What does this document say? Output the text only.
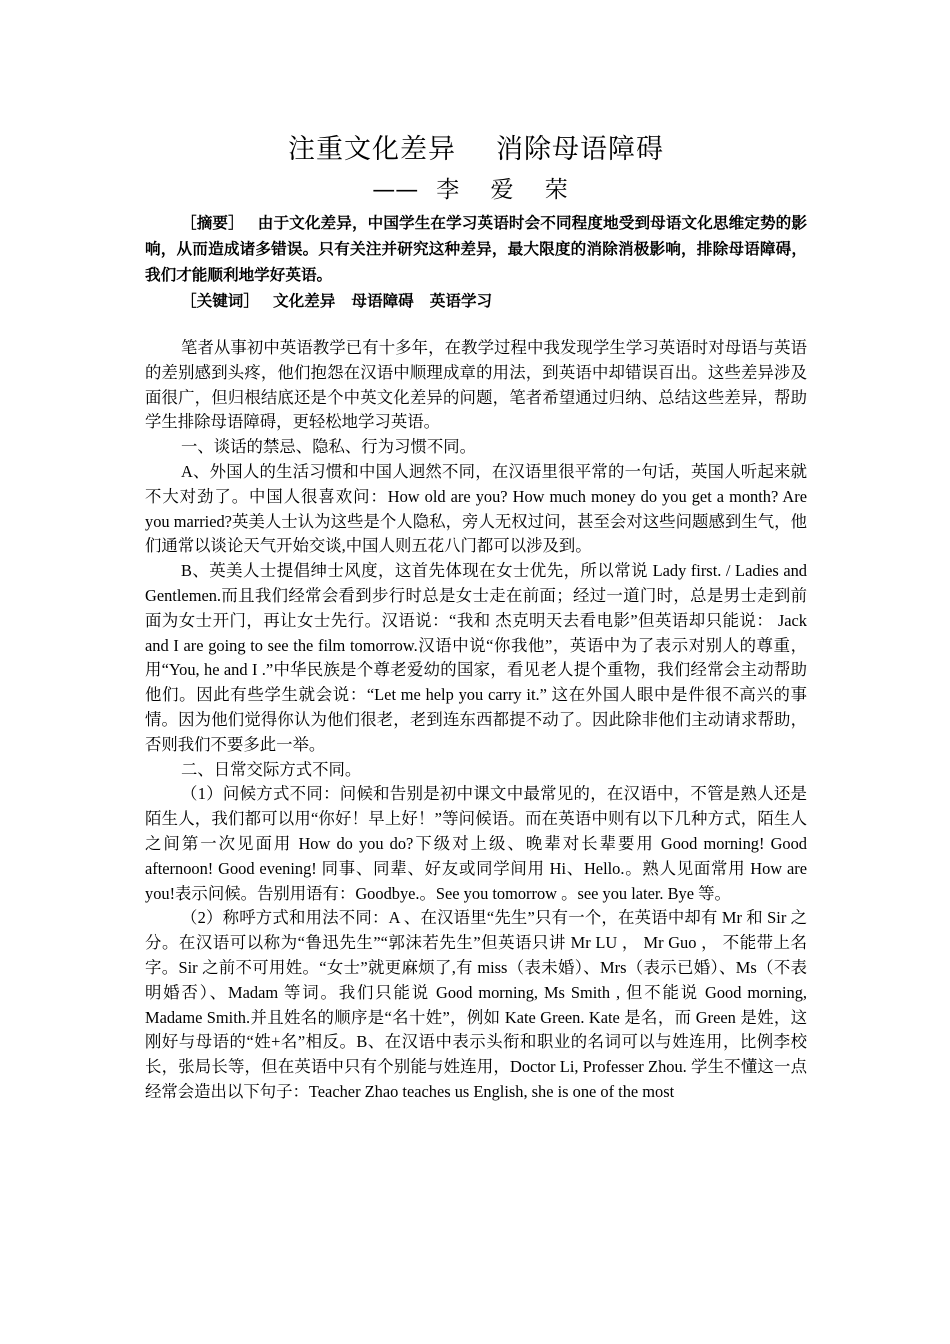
注重文化差异 消除母语障碍
—— 李 爱 荣

［摘要］ 由于文化差异，中国学生在学习英语时会不同程度地受到母语文化思维定势的影响，从而造成诸多错误。只有关注并研究这种差异，最大限度的消除消极影响，排除母语障碍，我们才能顺利地学好英语。

［关键词］ 文化差异 母语障碍 英语学习

笔者从事初中英语教学已有十多年，在教学过程中我发现学生学习英语时对母语与英语的差别感到头疼，他们抱怨在汉语中顺理成章的用法，到英语中却错误百出。这些差异涉及面很广，但归根结底还是个中英文化差异的问题，笔者希望通过归纳、总结这些差异，帮助学生排除母语障碍，更轻松地学习英语。

一、谈话的禁忌、隐私、行为习惯不同。

A、外国人的生活习惯和中国人迥然不同，在汉语里很平常的一句话，英国人听起来就不大对劲了。中国人很喜欢问：How old are you? How much money do you get a month? Are you married?英美人士认为这些是个人隐私，旁人无权过问，甚至会对这些问题感到生气，他们通常以谈论天气开始交谈,中国人则五花八门都可以涉及到。

B、英美人士提倡绅士风度，这首先体现在女士优先，所以常说 Lady first. / Ladies and Gentlemen.而且我们经常会看到步行时总是女士走在前面；经过一道门时，总是男士走到前面为女士开门，再让女士先行。汉语说：“我和 杰克明天去看电影”但英语却只能说： Jack and I are going to see the film tomorrow.汉语中说“你我他”，英语中为了表示对别人的尊重，用“You, he and I .”中华民族是个尊老爱幼的国家，看见老人提个重物，我们经常会主动帮助他们。因此有些学生就会说：“Let me help you carry it.” 这在外国人眼中是件很不高兴的事情。因为他们觉得你认为他们很老，老到连东西都提不动了。因此除非他们主动请求帮助，否则我们不要多此一举。

二、日常交际方式不同。

（1）问候方式不同：问候和告别是初中课文中最常见的，在汉语中，不管是熟人还是陌生人，我们都可以用“你好！早上好！”等问候语。而在英语中则有以下几种方式，陌生人之间第一次见面用 How do you do?下级对上级、晚辈对长辈要用 Good morning! Good afternoon! Good evening! 同事、同辈、好友或同学间用 Hi、Hello.。熟人见面常用 How are you!表示问候。告别用语有：Goodbye.。See you tomorrow 。see you later. Bye 等。

（2）称呼方式和用法不同：A 、在汉语里“先生”只有一个，在英语中却有 Mr 和 Sir 之分。在汉语可以称为“鲁迅先生”“郭沫若先生”但英语只讲 Mr LU ， Mr Guo ， 不能带上名字。Sir 之前不可用姓。“女士”就更麻烦了,有 miss（表未婚）、Mrs（表示已婚）、Ms（不表明婚否）、Madam 等词。我们只能说 Good morning, Ms Smith , 但不能说 Good morning, Madame Smith.并且姓名的顺序是“名十姓”，例如 Kate Green. Kate 是名，而 Green 是姓，这刚好与母语的“姓+名”相反。B、在汉语中表示头衔和职业的名词可以与姓连用，比例李校长，张局长等，但在英语中只有个别能与姓连用，Doctor Li, Professer Zhou. 学生不懂这一点经常会造出以下句子：Teacher Zhao teaches us English, she is one of the most
